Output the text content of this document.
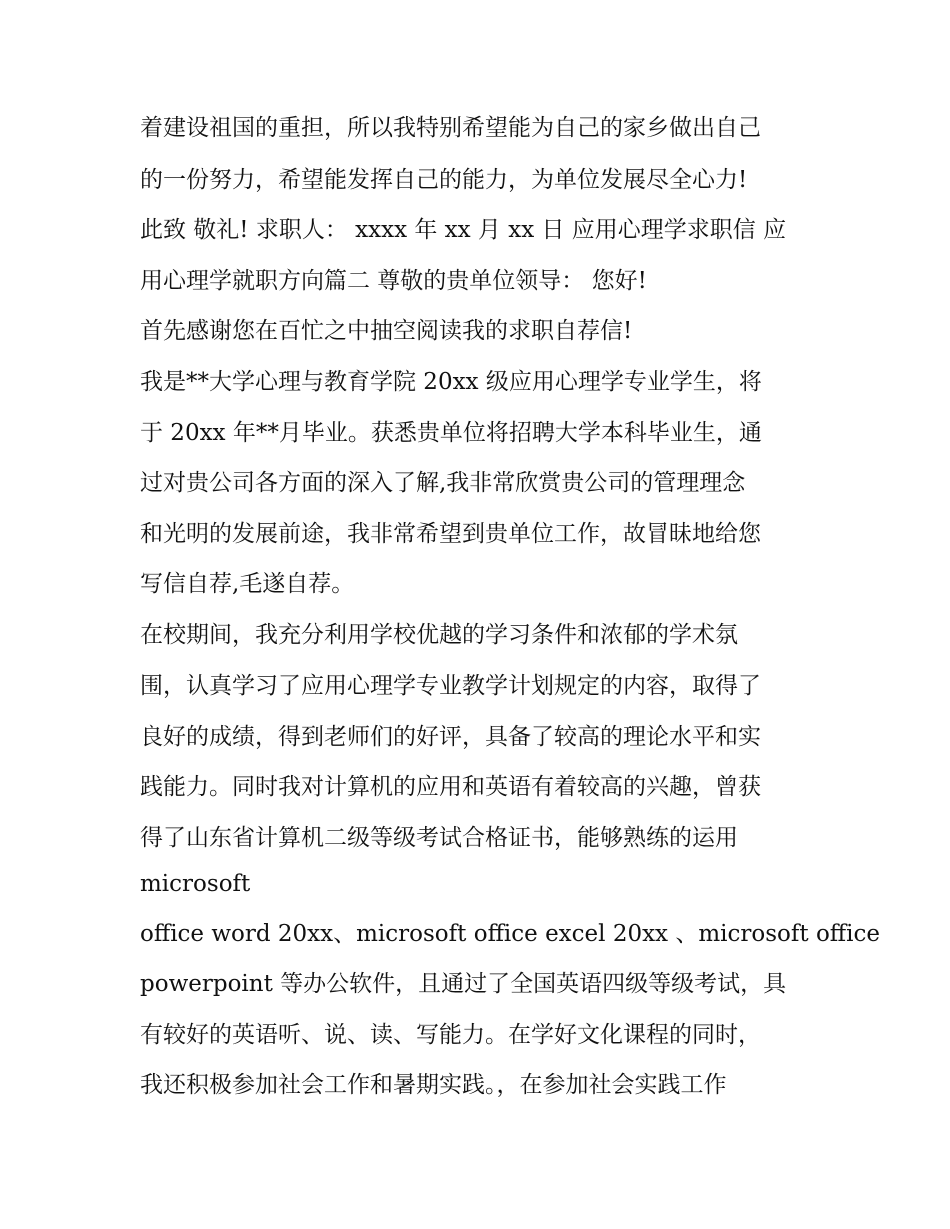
着建设祖国的重担，所以我特别希望能为自己的家乡做出自己
的一份努力，希望能发挥自己的能力，为单位发展尽全心力!
此致 敬礼! 求职人： xxxx 年 xx 月 xx 日 应用心理学求职信 应
用心理学就职方向篇二 尊敬的贵单位领导： 您好!
首先感谢您在百忙之中抽空阅读我的求职自荐信!
我是**大学心理与教育学院 20xx 级应用心理学专业学生，将
于 20xx 年**月毕业。获悉贵单位将招聘大学本科毕业生，通
过对贵公司各方面的深入了解,我非常欣赏贵公司的管理理念
和光明的发展前途，我非常希望到贵单位工作，故冒昧地给您
写信自荐,毛遂自荐。
在校期间，我充分利用学校优越的学习条件和浓郁的学术氛
围，认真学习了应用心理学专业教学计划规定的内容，取得了
良好的成绩，得到老师们的好评，具备了较高的理论水平和实
践能力。同时我对计算机的应用和英语有着较高的兴趣，曾获
得了山东省计算机二级等级考试合格证书，能够熟练的运用
microsoft
office word 20xx、microsoft office excel 20xx 、microsoft office
powerpoint 等办公软件，且通过了全国英语四级等级考试，具
有较好的英语听、说、读、写能力。在学好文化课程的同时，
我还积极参加社会工作和暑期实践。，在参加社会实践工作
